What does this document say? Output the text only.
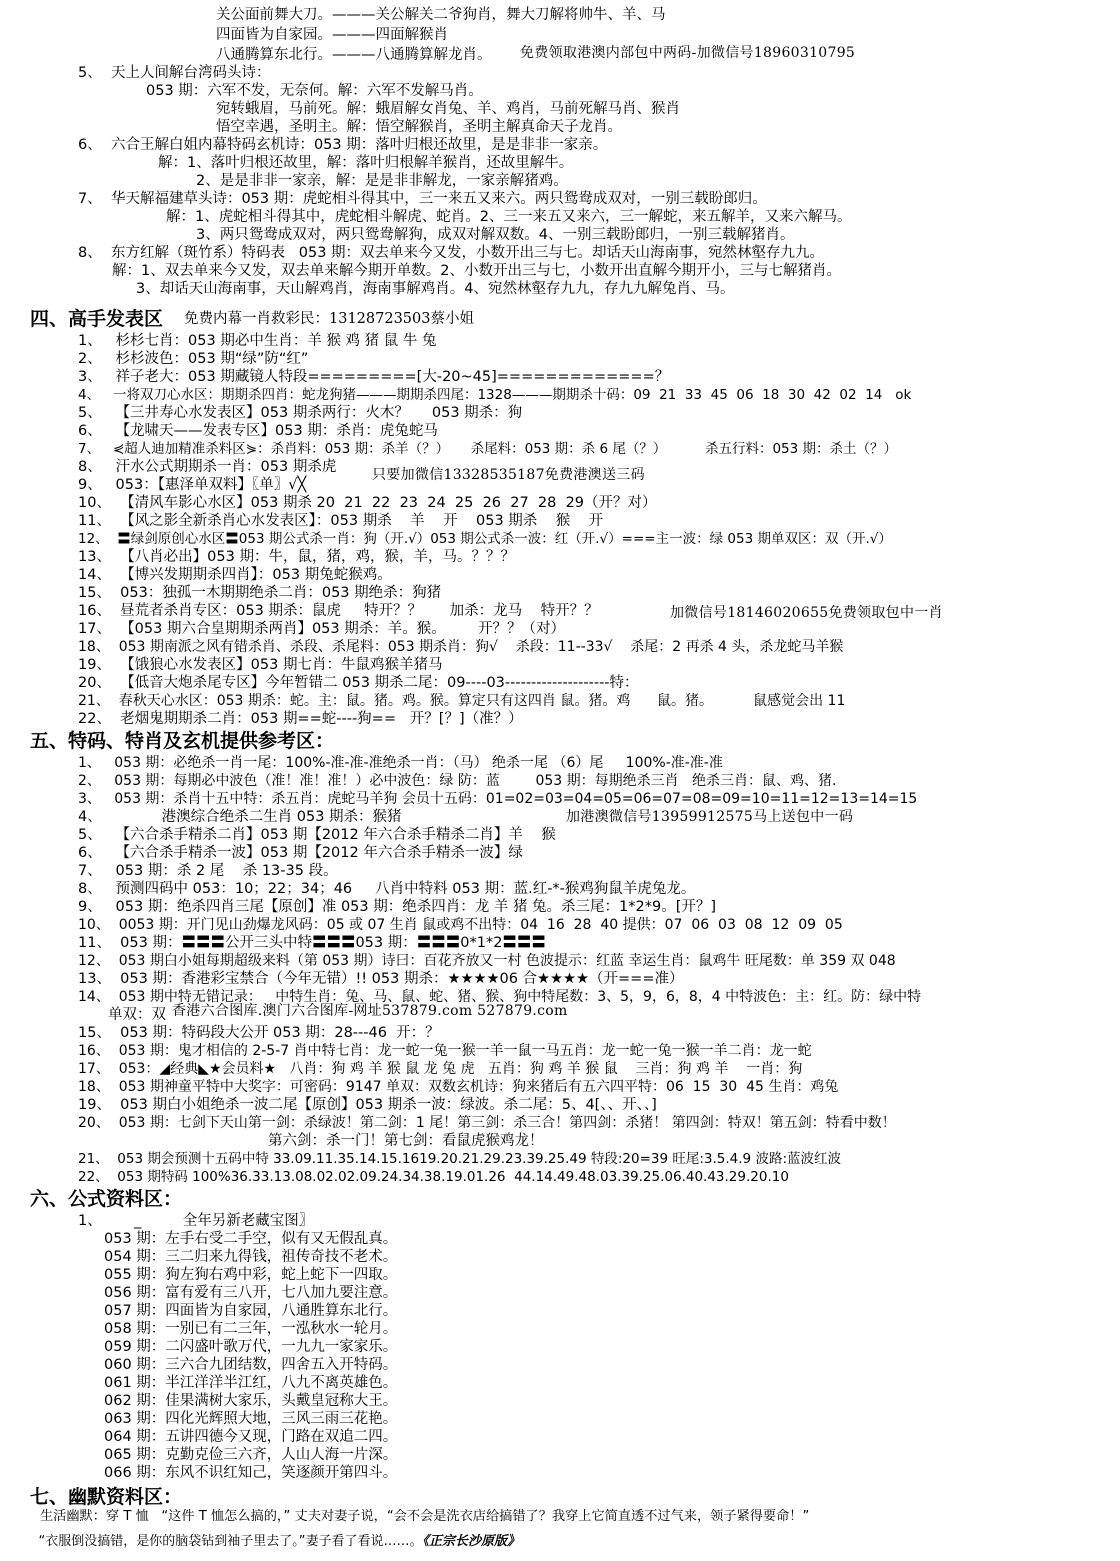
关公面前舞大刀。———关公解关二爷狗肖，舞大刀解将帅牛、羊、马
四面皆为自家园。———四面解猴肖
八通腾算东北行。———八通腾算解龙肖。
5、  天上人间解台湾码头诗：
053 期：六军不发，无奈何。解：六军不发解马肖。
宛转蛾眉，马前死。解：蛾眉解女肖兔、羊、鸡肖，马前死解马肖、猴肖
悟空幸遇，圣明主。解：悟空解猴肖，圣明主解真命天子龙肖。
6、  六合王解白姐内幕特码玄机诗：053 期：落叶归根还故里，是是非非一家亲。
解：1、落叶归根还故里，解：落叶归根解羊猴肖，还故里解牛。
2、是是非非一家亲，解：是是非非解龙，一家亲解猪鸡。
7、  华天解福建草头诗：053 期：虎蛇相斗得其中，三一来五又来六。两只鸳鸯成双对，一别三载盼郎归。
解：1、虎蛇相斗得其中，虎蛇相斗解虎、蛇肖。2、三一来五又来六，三一解蛇，来五解羊，又来六解马。
3、两只鸳鸯成双对，两只鸳鸯解狗，成双对解双数。4、一别三载盼郎归，一别三载解猪肖。
8、  东方红解（斑竹系）特码表   053 期：双去单来今又发，小数开出三与七。却话天山海南事，宛然林壑存九九。
解：1、双去单来今又发，双去单来解今期开单数。2、小数开出三与七，小数开出直解今期开小，三与七解猪肖。
3、却话天山海南事，天山解鸡肖，海南事解鸡肖。4、宛然林壑存九九，存九九解兔肖、马。
免费领取港澳内部包中两码-加微信号18960310795
四、高手发表区 免费内幕一肖救彩民：13128723503蔡小姐
1、   杉杉七肖：053 期必中生肖：羊 猴 鸡 猪 鼠 牛 兔
2、   杉杉波色：053 期“绿”防“红”
3、   祥子老大：053 期藏镜人特段=========[大-20~45]=============？
4、   一将双刀心水区：期期杀四肖：蛇龙狗猪———期期杀四尾：1328———期期杀十码：09  21  33  45  06  18  30  42  02  14   ok
5、   【三井寿心水发表区】053 期杀两行：火木？     053 期杀：狗
6、   【龙啸天——发表专区】053 期：杀肖：虎兔蛇马
7、   ⋞超人迪加精准杀料区⋟：杀肖料：053 期：杀羊（？）     杀尾料：053 期：杀 6 尾（？）         杀五行料：053 期：杀土（？）
8、   汗水公式期期杀一肖：053 期杀虎	只要加微信13328535187免费港澳送三码
9、   053：【惠泽单双料】〖单〗√╳
10、  【清风车影心水区】053 期杀 20  21  22  23  24  25  26  27  28  29（开？对）
11、  【风之影全新杀肖心水发表区】：053 期杀    羊    开    053 期杀    猴    开
12、  〓绿剑原创心水区〓053 期公式杀一肖：狗（开.√）053 期公式杀一波：红（开.√）===主一波：绿 053 期单双区：双（开.√）
13、  【八肖必出】053 期：牛，鼠，猪，鸡，猴，羊，马。？？？
14、  【博兴发期期杀四肖】：053 期兔蛇猴鸡。
15、  053：独孤一木期期绝杀二肖：053 期绝杀：狗猪
16、  昼荒者杀肖专区：053 期杀：鼠虎     特开？？      加杀：龙马    特开？？
17、  【053 期六合皇期期杀两肖】053 期杀：羊。猴。       开？？（对）
加微信号18146020655免费领取包中一肖
18、  053 期南派之风有错杀肖、杀段、杀尾料：053 期杀肖：狗√    杀段：11--33√    杀尾：2 再杀 4 头，杀龙蛇马羊猴
19、  【饿狼心水发表区】053 期七肖：牛鼠鸡猴羊猪马
20、  【低音大炮杀尾专区】今年暂错二 053 期杀二尾：09----03--------------------特：
21、  春秋天心水区：053 期杀：蛇。主：鼠。猪。鸡。猴。算定只有这四肖 鼠。猪。鸡      鼠。猪。         鼠感觉会出 11
22、  老烟鬼期期杀二肖：053 期==蛇----狗==   开？[？]（准？）
五、特码、特肖及玄机提供参考区：
1、   053 期：必绝杀一肖一尾：100%-准-准-准绝杀一肖：（马） 绝杀一尾 （6）尾     100%-准-准-准
2、   053 期：每期必中波色（准！准！准！）必中波色：绿 防：蓝        053 期：每期绝杀三肖   绝杀三肖：鼠、鸡、猪.
3、   053 期：杀肖十五中特：杀五肖：虎蛇马羊狗 会员十五码：01=02=03=04=05=06=07=08=09=10=11=12=13=14=15
4、             港澳综合绝杀二生肖 053 期杀：猴猪	加港澳微信号13959912575马上送包中一码
5、   【六合杀手精杀二肖】053 期【2012 年六合杀手精杀二肖】羊    猴
6、   【六合杀手精杀一波】053 期【2012 年六合杀手精杀一波】绿
7、   053 期：杀 2 尾    杀 13-35 段。
8、   预测四码中 053：10；22；34；46     八肖中特料 053 期：蓝.红-*-猴鸡狗鼠羊虎兔龙。
9、   053 期：绝杀四肖三尾【原创】准 053 期：绝杀四肖：龙 羊 猪 兔。杀三尾：1*2*9。[开？]
10、  0053 期：开门见山劲爆龙风码：05 或 07 生肖 鼠或鸡不出特：04  16  28  40 提供：07  06  03  08  12  09  05
11、  053 期：〓〓〓公开三头中特〓〓〓053 期：〓〓〓0*1*2〓〓〓
12、  053 期白小姐每期超级来料（第 053 期）诗曰：百花齐放又一村 色波提示：红蓝 幸运生肖：鼠鸡牛 旺尾数：单 359 双 048
13、  053 期：香港彩宝禁合（今年无错）!! 053 期杀：★★★★06 合★★★★（开===准）
14、  053 期中特无错记录：   中特生肖：兔、马、鼠、蛇、猪、猴、狗中特尾数：3、5，9，6，8，4 中特波色：主：红。防：绿中特
单双：双 香港六合图库.澳门六合图库-网址537879.com 527879.com
15、  053 期：特码段大公开 053 期：28---46  开：？
16、  053 期：鬼才相信的 2-5-7 肖中特七肖：龙一蛇一兔一猴一羊一鼠一马五肖：龙一蛇一兔一猴一羊二肖：龙一蛇
17、  053：◢经典◣★会员料★   八肖：狗 鸡 羊 猴 鼠 龙 兔 虎   五肖：狗 鸡 羊 猴 鼠    三肖：狗 鸡 羊    一肖：狗
18、  053 期神童平特中大奖字：可密码：9147 单双：双数玄机诗：狗来猪后有五六四平特：06  15  30  45 生肖：鸡兔
19、  053 期白小姐绝杀一波二尾【原创】053 期杀一波：绿波。杀二尾：5、4[、、开、、]
20、  053 期：七剑下天山第一剑：杀绿波！第二剑：1 尾！第三剑：杀三合！第四剑：杀猪！ 第四剑：特双！第五剑：特看中数！
第六剑：杀一门！第七剑：看鼠虎猴鸡龙！
21、  053 期会预测十五码中特 33.09.11.35.14.15.1619.20.21.29.23.39.25.49 特段:20=39 旺尾:3.5.4.9 波路:蓝波红波
22、  053 期特码 100%36.33.13.08.02.02.09.24.34.38.19.01.26  44.14.49.48.03.39.25.06.40.43.29.20.10
六、公式资料区：
1、       _         全年另新老藏宝图〗
053 期：左手右受二手空，似有又无假乱真。
054 期：三二归来九得钱，祖传奇技不老术。
055 期：狗左狗右鸡中彩，蛇上蛇下一四取。
056 期：富有爱有三八开，七八加九要注意。
057 期：四面皆为自家园，八通胜算东北行。
058 期：一别已有二三年，一泓秋水一轮月。
059 期：二闪盛叶歌万代，一九九一家家乐。
060 期：三六合九团结数，四舍五入开特码。
061 期：半江洋洋半江红，八九不离英雄色。
062 期：佳果满树大家乐，头戴皇冠称大王。
063 期：四化光辉照大地，三风三雨三花艳。
064 期：五讲四德今又现，门路在双追二四。
065 期：克勤克俭三六齐，人山人海一片深。
066 期：东风不识红知己，笑逐颜开第四斗。
七、幽默资料区：
生活幽默：穿 T 恤   “这件 T 恤怎么搞的，” 丈夫对妻子说，“会不会是洗衣店给搞错了？我穿上它简直透不过气来，领子紧得要命！”

“衣服倒没搞错，是你的脑袋钻到袖子里去了。”妻子看了看说……。《正宗长沙原版》
